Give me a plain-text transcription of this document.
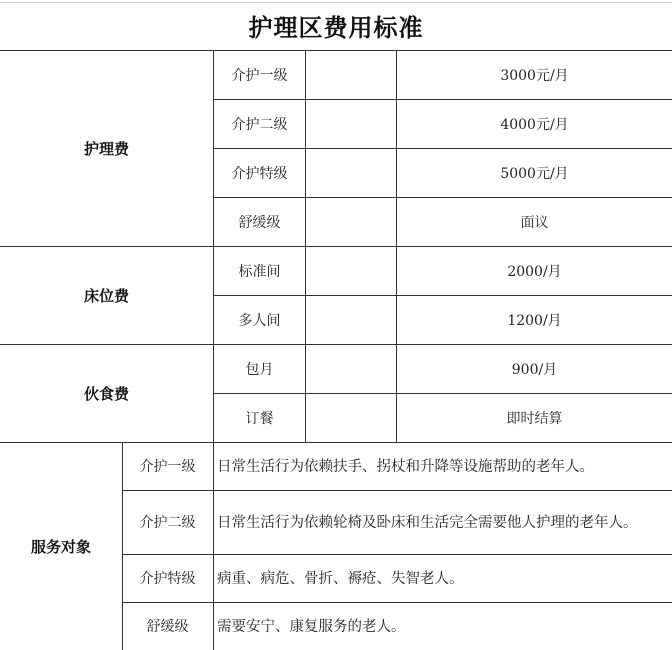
护理区费用标准
护理费
介护一级	3000元/月
介护二级	4000元/月
介护特级	5000元/月
舒缓级	面议
床位费
标准间	2000/月
多人间	1200/月
伙食费
包月	900/月
订餐	即时结算
服务对象
介护一级	日常生活行为依赖扶手、拐杖和升降等设施帮助的老年人。
介护二级	日常生活行为依赖轮椅及卧床和生活完全需要他人护理的老年人。
介护特级	病重、病危、骨折、褥疮、失智老人。
舒缓级	需要安宁、康复服务的老人。
